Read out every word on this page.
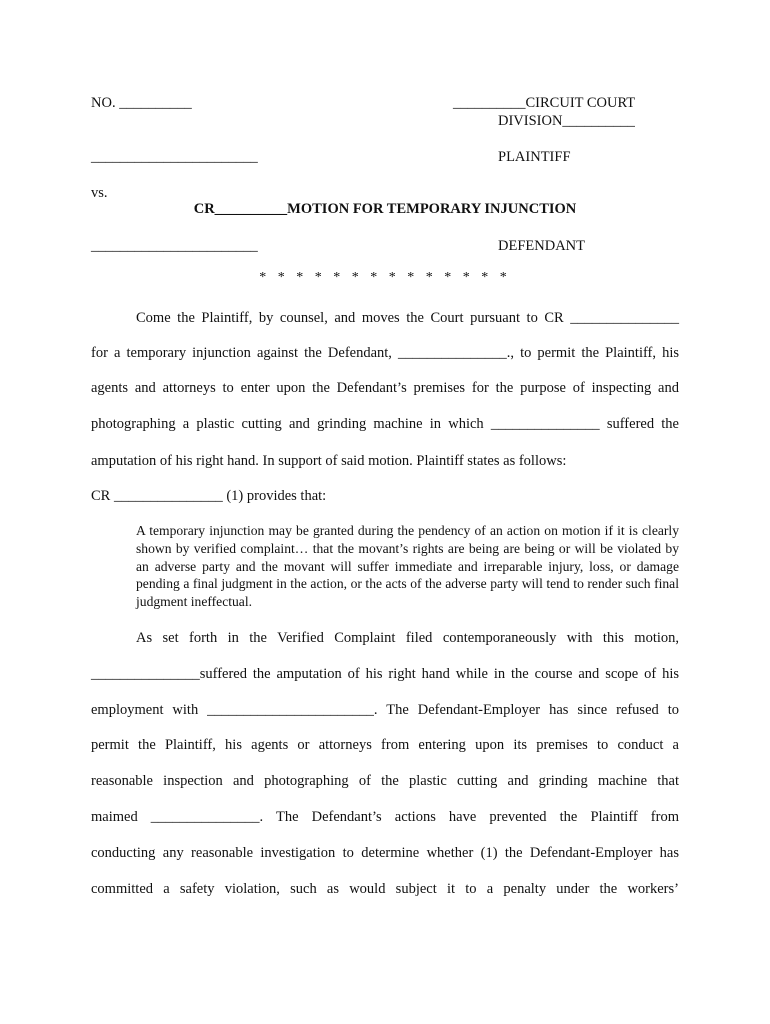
NO. __________	__________CIRCUIT COURT
DIVISION__________
_______________________	PLAINTIFF
vs.
CR__________MOTION FOR TEMPORARY INJUNCTION
_______________________	DEFENDANT
* * * * * * * * * * * * * *
Come the Plaintiff, by counsel, and moves the Court pursuant to CR _______________
for a temporary injunction against the Defendant, _______________., to permit the Plaintiff, his
agents and attorneys to enter upon the Defendant’s premises for the purpose of inspecting and
photographing a plastic cutting and grinding machine in which _______________ suffered the
amputation of his right hand. In support of said motion. Plaintiff states as follows:
CR _______________ (1) provides that:
A temporary injunction may be granted during the pendency of an action on motion if it is clearly shown by verified complaint… that the movant’s rights are being are being or will be violated by an adverse party and the movant will suffer immediate and irreparable injury, loss, or damage pending a final judgment in the action, or the acts of the adverse party will tend to render such final judgment ineffectual.
As set forth in the Verified Complaint filed contemporaneously with this motion,
_______________suffered the amputation of his right hand while in the course and scope of his
employment with _______________________. The Defendant-Employer has since refused to
permit the Plaintiff, his agents or attorneys from entering upon its premises to conduct a
reasonable inspection and photographing of the plastic cutting and grinding machine that
maimed _______________. The Defendant’s actions have prevented the Plaintiff from
conducting any reasonable investigation to determine whether (1) the Defendant-Employer has
committed a safety violation, such as would subject it to a penalty under the workers’
